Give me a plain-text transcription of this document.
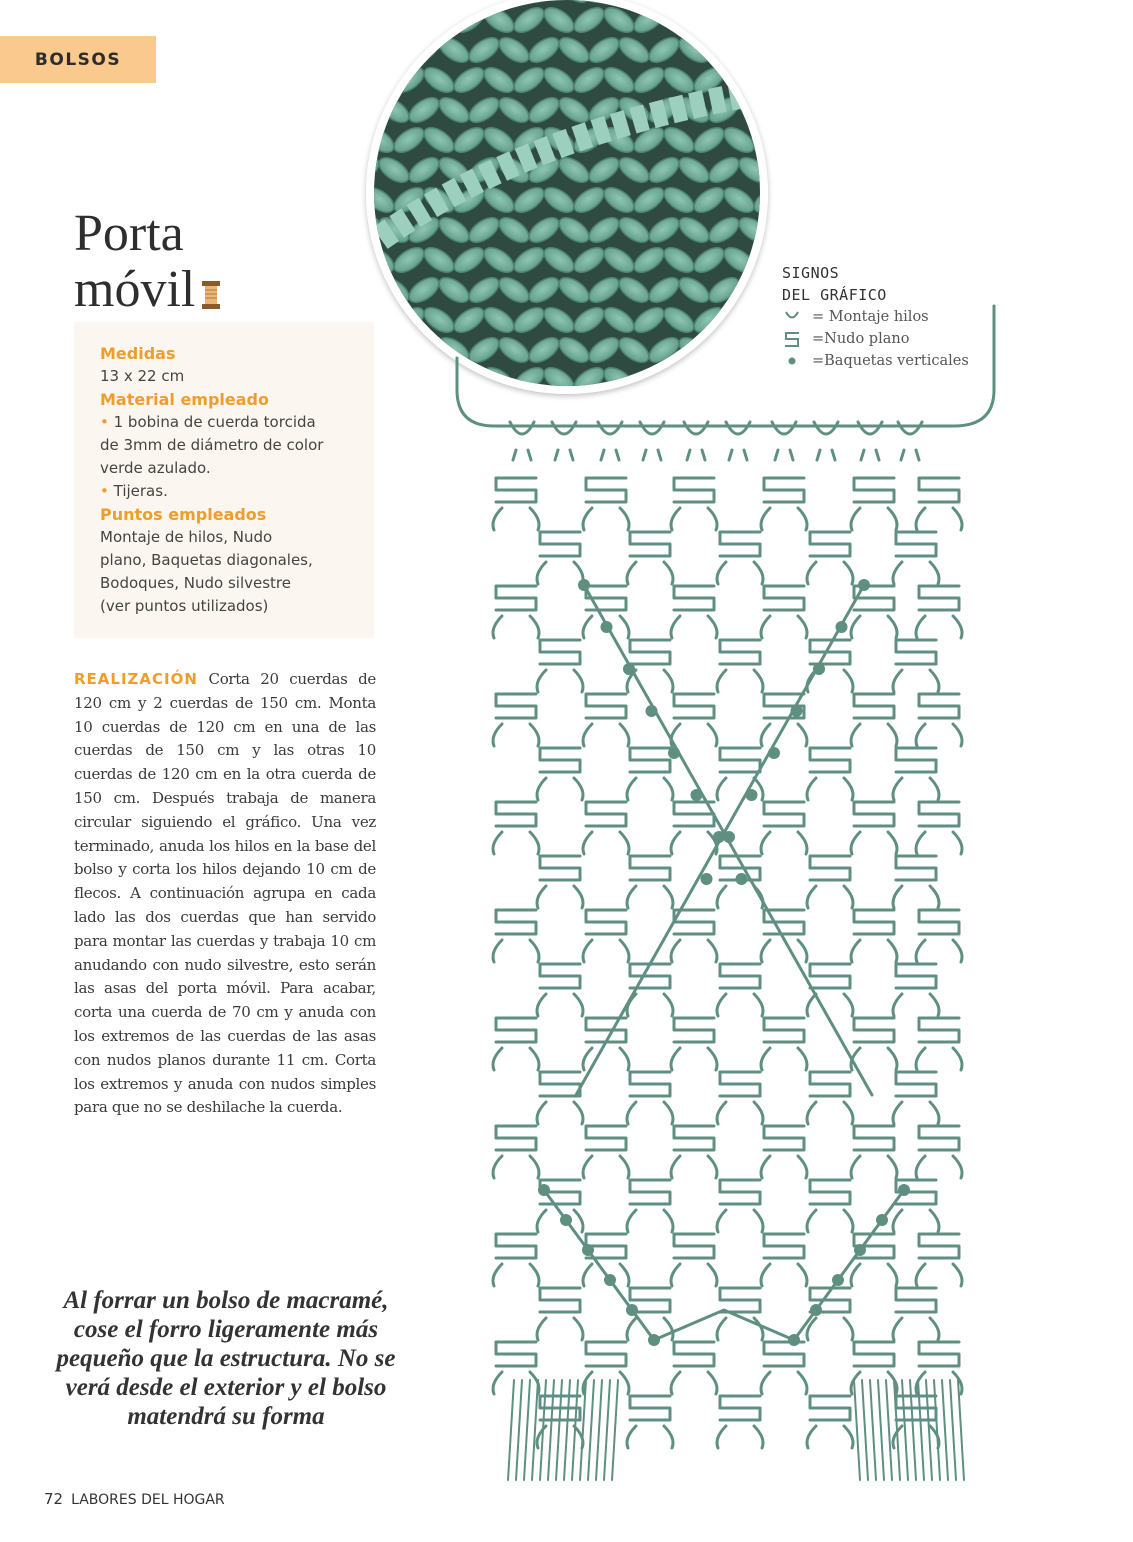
BOLSOS
Porta
móvil
Medidas
13 x 22 cm
Material empleado
• 1 bobina de cuerda torcida
de 3mm de diámetro de color
verde azulado.
• Tijeras.
Puntos empleados
Montaje de hilos, Nudo
plano, Baquetas diagonales,
Bodoques, Nudo silvestre
(ver puntos utilizados)
REALIZACIÓN Corta 20 cuerdas de 120 cm y 2 cuerdas de 150 cm. Monta 10 cuerdas de 120 cm en una de las cuerdas de 150 cm y las otras 10 cuerdas de 120 cm en la otra cuerda de 150 cm. Después trabaja de manera circular siguiendo el gráfico. Una vez terminado, anuda los hilos en la base del bolso y corta los hilos dejando 10 cm de flecos. A continuación agrupa en cada lado las dos cuerdas que han servido para montar las cuerdas y trabaja 10 cm anudando con nudo silvestre, esto serán las asas del porta móvil. Para acabar, corta una cuerda de 70 cm y anuda con los extremos de las cuerdas de las asas con nudos planos durante 11 cm. Corta los extremos y anuda con nudos simples para que no se deshilache la cuerda.
Al forrar un bolso de macramé, cose el forro ligeramente más pequeño que la estructura. No se verá desde el exterior y el bolso matendrá su forma
72 LABORES DEL HOGAR
SIGNOS
DEL GRÁFICO
= Montaje hilos
=Nudo plano
=Baquetas verticales
